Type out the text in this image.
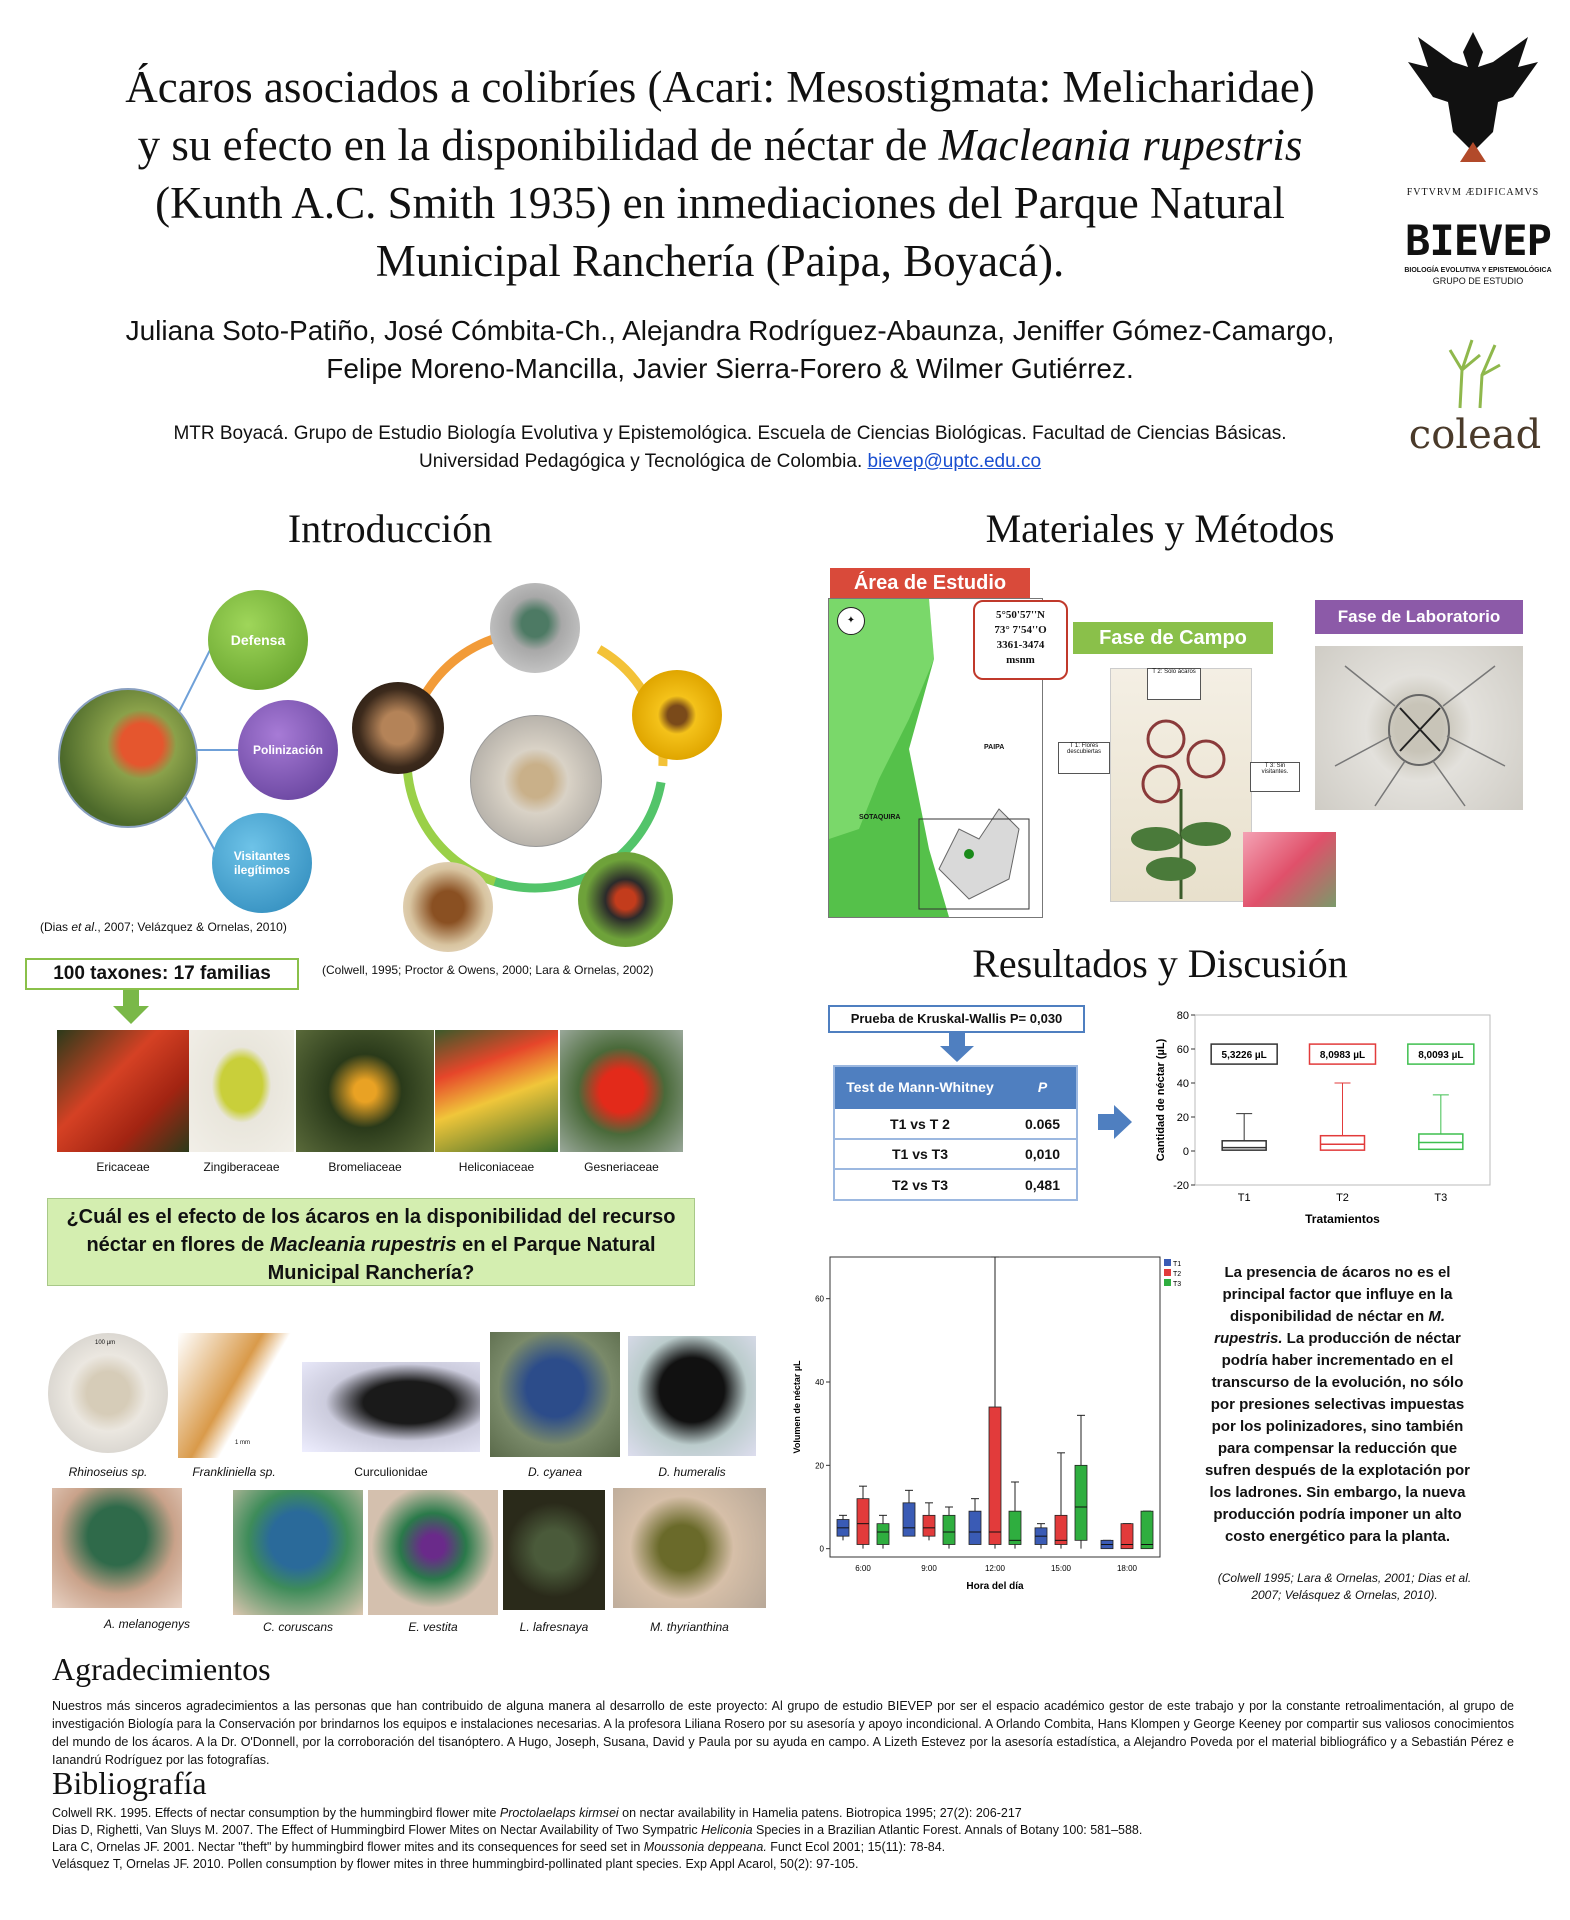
Ácaros asociados a colibríes (Acari: Mesostigmata: Melicharidae)
y su efecto en la disponibilidad de néctar de Macleania rupestris
(Kunth A.C. Smith 1935) en inmediaciones del Parque Natural
Municipal Ranchería (Paipa, Boyacá).
Juliana Soto-Patiño, José Cómbita-Ch., Alejandra Rodríguez-Abaunza, Jeniffer Gómez-Camargo,
Felipe Moreno-Mancilla, Javier Sierra-Forero & Wilmer Gutiérrez.
MTR Boyacá. Grupo de Estudio Biología Evolutiva y Epistemológica. Escuela de Ciencias Biológicas. Facultad de Ciencias Básicas.
Universidad Pedagógica y Tecnológica de Colombia. bievep@uptc.edu.co
FVTVRVM ÆDIFICAMVS
BIEVEP
BIOLOGÍA EVOLUTIVA Y EPISTEMOLÓGICA
GRUPO DE ESTUDIO
colead
Introducción
Defensa
Polinización
Visitantes ilegítimos
(Dias et al., 2007; Velázquez & Ornelas, 2010)
(Colwell, 1995; Proctor & Owens, 2000; Lara & Ornelas, 2002)
100 taxones: 17 familias
Ericaceae	Zingiberaceae	Bromeliaceae	Heliconiaceae	Gesneriaceae
¿Cuál es el efecto de los ácaros en la disponibilidad del recurso néctar en flores de Macleania rupestris en el Parque Natural Municipal Ranchería?
100 µm
1 mm
Rhinoseius sp.	Frankliniella sp.	Curculionidae	D. cyanea	D. humeralis
A. melanogenys	C. coruscans	E. vestita	L. lafresnaya	M. thyrianthina
Materiales y Métodos
Área de Estudio
✦
PAIPA
SOTAQUIRA
5°50'57''N
73° 7'54''O
3361-3474
msnm
Fase de Campo
T 2: Solo ácaros
T 1: Flores descubiertas
T 3: Sin visitantes.
Fase de Laboratorio
Resultados y Discusión
Prueba de Kruskal-Wallis P= 0,030
Test de Mann-Whitney	P
T1 vs T 2	0.065
T1 vs T3	0,010
T2 vs T3	0,481	-20
0
20
40
60
80
Cantidad de néctar (µL)
Tratamientos
T1
5,3226 µL
T2
8,0983 µL
T3
8,0093 µL
0
20
40
60
Volumen de néctar µL
Hora del día
6:00	9:00	12:00	15:00	18:00
T1
T2
T3
La presencia de ácaros no es el principal factor que influye en la disponibilidad de néctar en M. rupestris. La producción de néctar podría haber incrementado en el transcurso de la evolución, no sólo por presiones selectivas impuestas por los polinizadores, sino también para compensar la reducción que sufren después de la explotación por los ladrones. Sin embargo, la nueva producción podría imponer un alto costo energético para la planta.
(Colwell 1995; Lara & Ornelas, 2001; Dias et al. 2007; Velásquez & Ornelas, 2010).
Agradecimientos
Nuestros más sinceros agradecimientos a las personas que han contribuido de alguna manera al desarrollo de este proyecto: Al grupo de estudio BIEVEP por ser el espacio académico gestor de este trabajo y por la constante retroalimentación, al grupo de investigación Biología para la Conservación por brindarnos los equipos e instalaciones necesarias. A la profesora Liliana Rosero por su asesoría y apoyo incondicional. A Orlando Combita, Hans Klompen y George Keeney por compartir sus valiosos conocimientos del mundo de los ácaros. A la Dr. O'Donnell, por la corroboración del tisanóptero. A Hugo, Joseph, Susana, David y Paula por su ayuda en campo. A Lizeth Estevez por la asesoría estadística, a Alejandro Poveda por el material bibliográfico y a Sebastián Pérez e Ianandrú Rodríguez por las fotografías.
Bibliografía
Colwell RK. 1995. Effects of nectar consumption by the hummingbird flower mite Proctolaelaps kirmsei on nectar availability in Hamelia patens. Biotropica 1995; 27(2): 206-217
Dias D, Righetti, Van Sluys M. 2007. The Effect of Hummingbird Flower Mites on Nectar Availability of Two Sympatric Heliconia Species in a Brazilian Atlantic Forest. Annals of Botany 100: 581–588.
Lara C, Ornelas JF. 2001. Nectar "theft" by hummingbird flower mites and its consequences for seed set in Moussonia deppeana. Funct Ecol 2001; 15(11): 78-84.
Velásquez T, Ornelas JF. 2010. Pollen consumption by flower mites in three hummingbird-pollinated plant species. Exp Appl Acarol, 50(2): 97-105.
